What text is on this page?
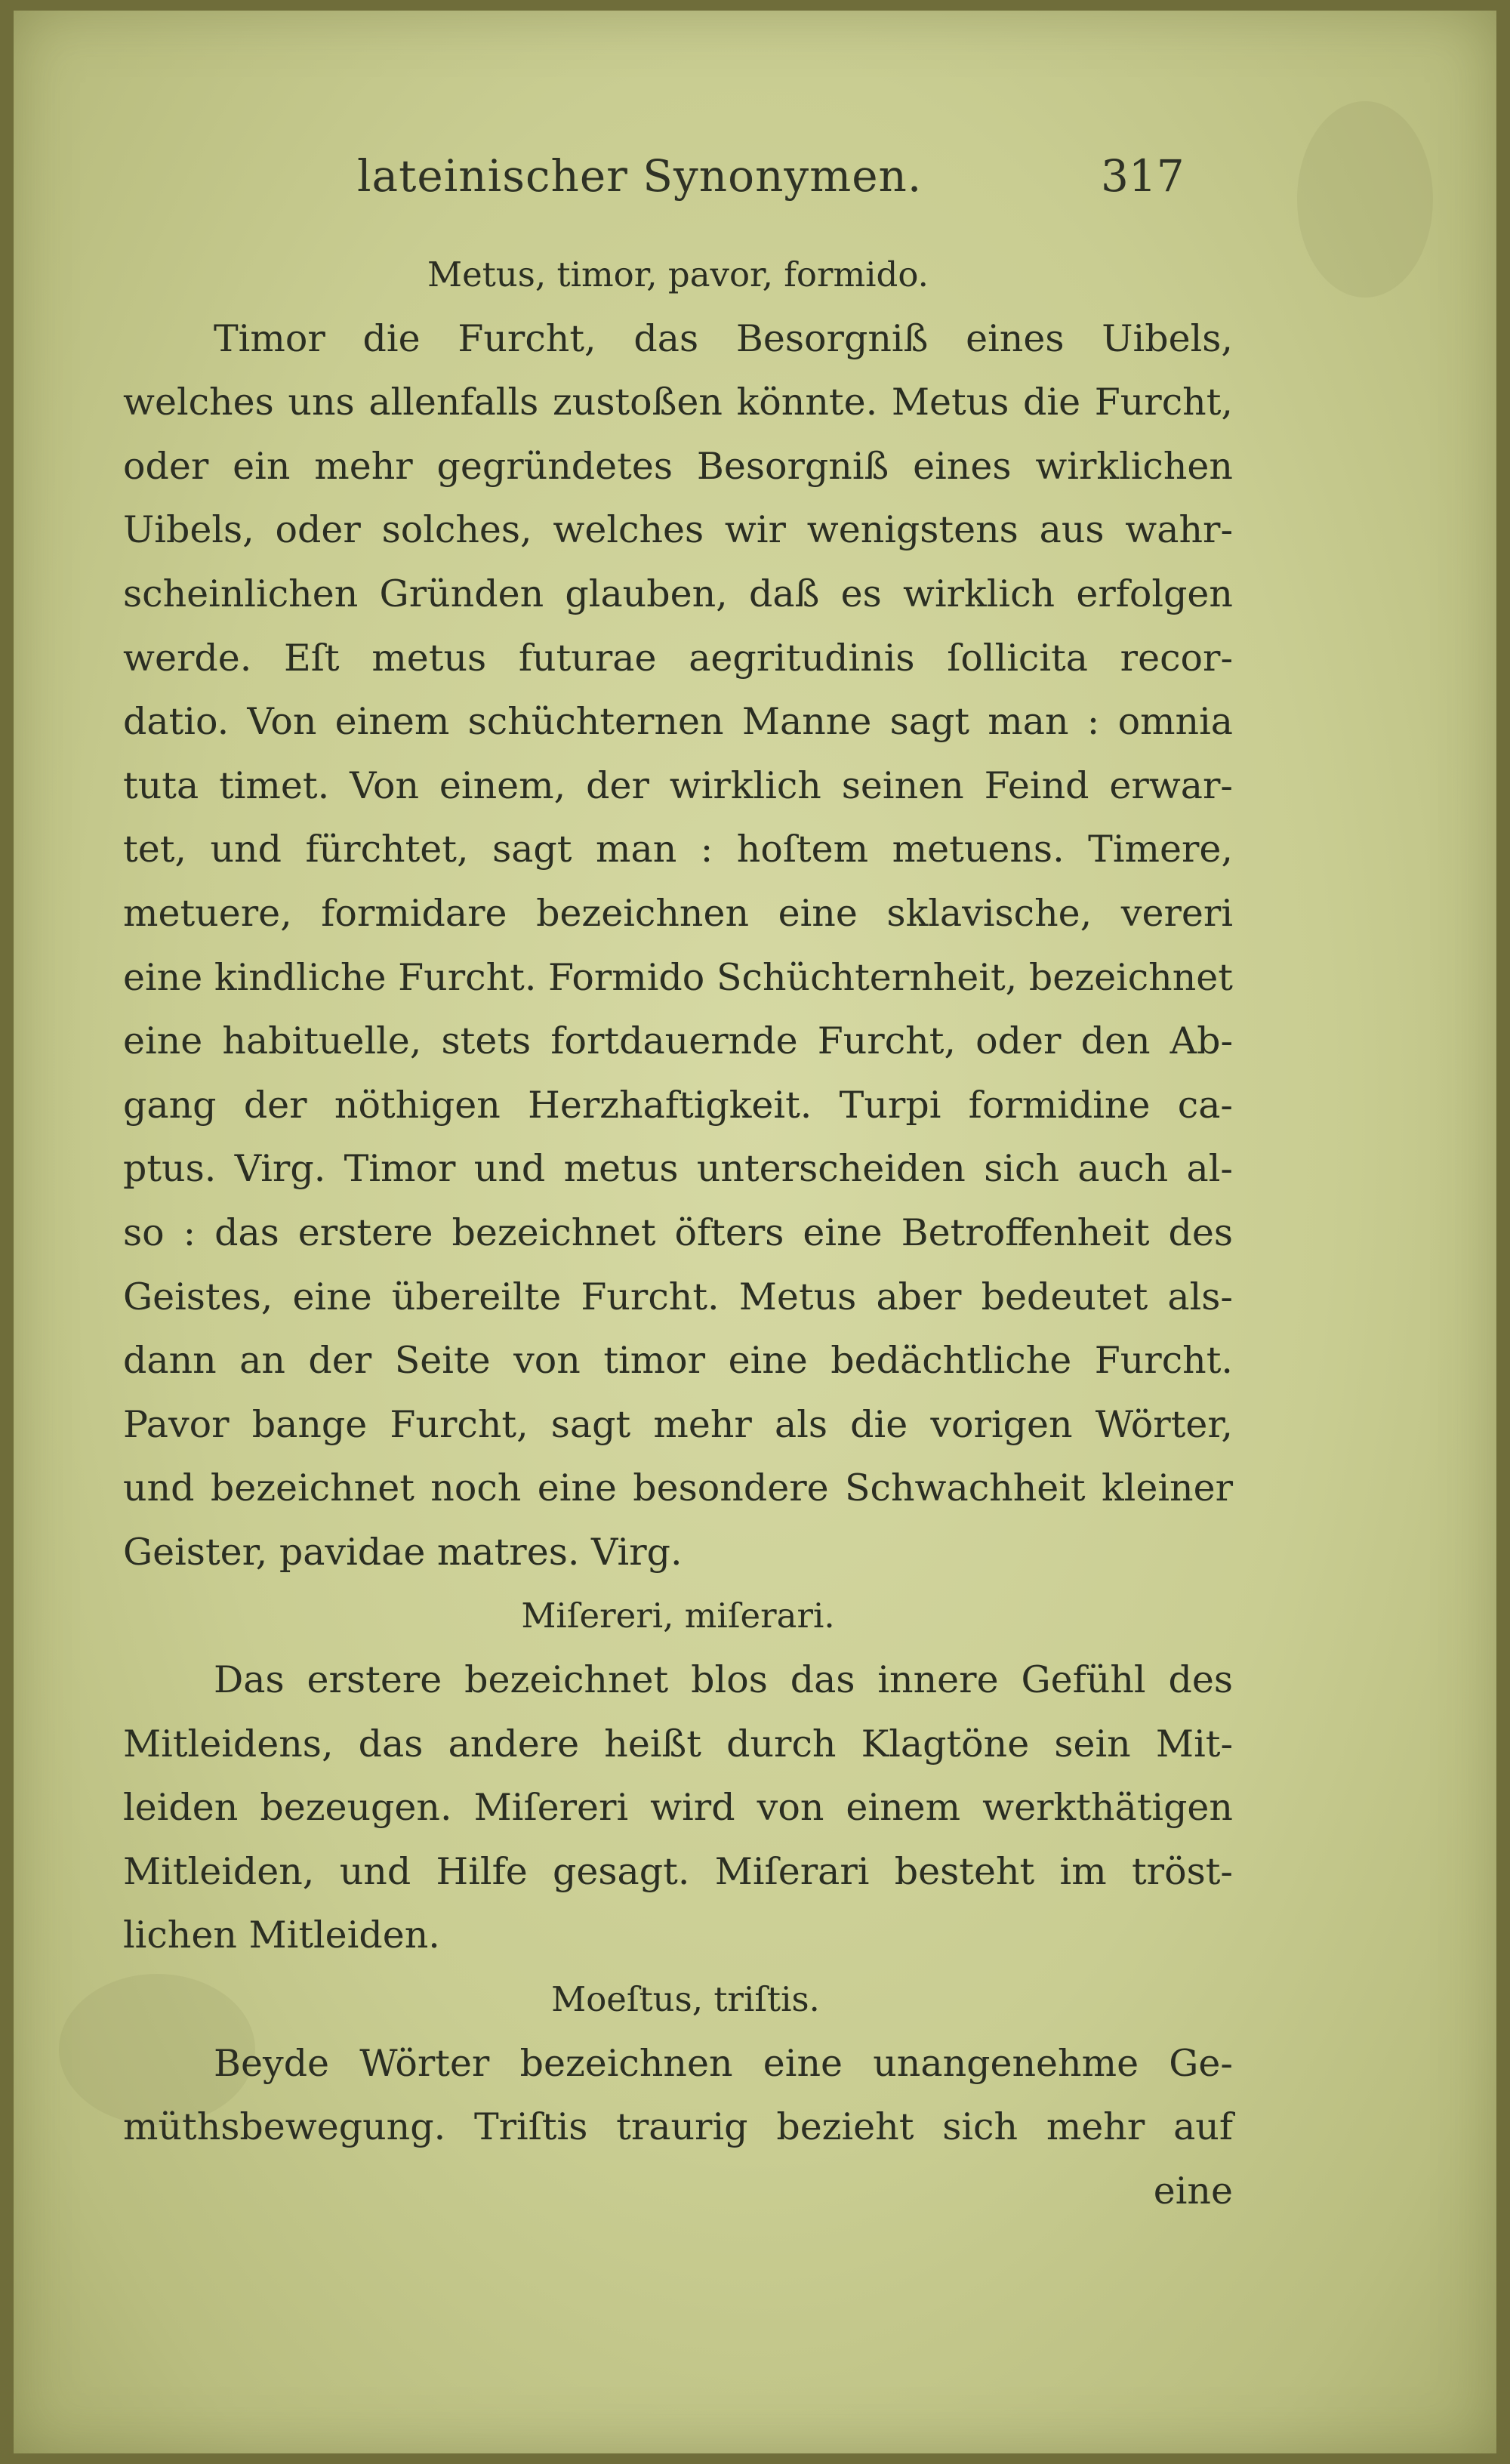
lateinischer Synonymen.	317
Metus, timor, pavor, formido.
Timor die Furcht, das Besorgniß eines Uibels,
welches uns allenfalls zustoßen könnte. Metus die Furcht,
oder ein mehr gegründetes Besorgniß eines wirklichen
Uibels, oder solches, welches wir wenigstens aus wahr-
scheinlichen Gründen glauben, daß es wirklich erfolgen
werde. Eſt metus futurae aegritudinis ſollicita recor-
datio. Von einem schüchternen Manne sagt man : omnia
tuta timet. Von einem, der wirklich seinen Feind erwar-
tet, und fürchtet, sagt man : hoſtem metuens. Timere,
metuere, formidare bezeichnen eine sklavische, vereri
eine kindliche Furcht. Formido Schüchternheit, bezeichnet
eine habituelle, stets fortdauernde Furcht, oder den Ab-
gang der nöthigen Herzhaftigkeit. Turpi formidine ca-
ptus. Virg. Timor und metus unterscheiden sich auch al-
so : das erstere bezeichnet öfters eine Betroffenheit des
Geistes, eine übereilte Furcht. Metus aber bedeutet als-
dann an der Seite von timor eine bedächtliche Furcht.
Pavor bange Furcht, sagt mehr als die vorigen Wörter,
und bezeichnet noch eine besondere Schwachheit kleiner
Geister, pavidae matres. Virg.
Miſereri, miſerari.
Das erstere bezeichnet blos das innere Gefühl des
Mitleidens, das andere heißt durch Klagtöne sein Mit-
leiden bezeugen. Miſereri wird von einem werkthätigen
Mitleiden, und Hilfe gesagt. Miſerari besteht im tröst-
lichen Mitleiden.
Moeſtus, triſtis.
Beyde Wörter bezeichnen eine unangenehme Ge-
müthsbewegung. Triſtis traurig bezieht sich mehr auf
eine
